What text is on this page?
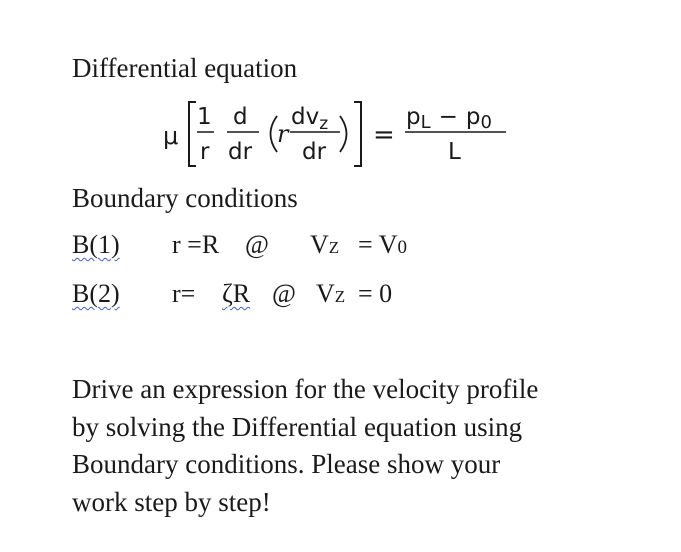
Differential equation
μ
1
r
d
dr
r
$dv_z$
dr
=
pL − p0
L
Boundary conditions
B(1) r =R @ VZ = V0
B(2) r= ζR @ VZ = 0
Drive an expression for the velocity profile
by solving the Differential equation using
Boundary conditions. Please show your
work step by step!
